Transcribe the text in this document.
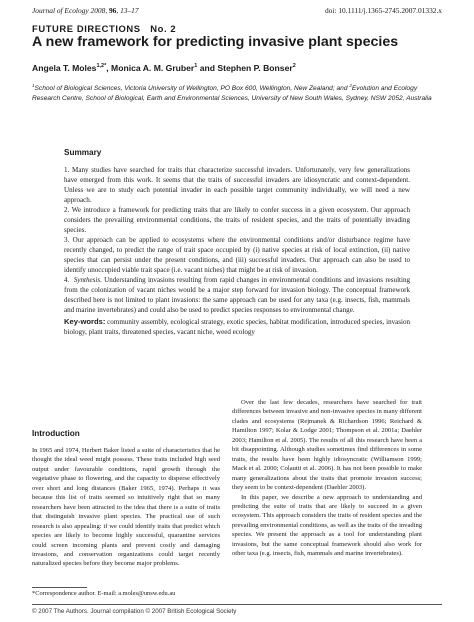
Journal of Ecology 2008, 96, 13–17	doi: 10.1111/j.1365-2745.2007.01332.x
FUTURE DIRECTIONS   No. 2
A new framework for predicting invasive plant species
Angela T. Moles$^{1,2*}$, Monica A. M. Gruber$^1$ and Stephen P. Bonser$^2$
$^1$School of Biological Sciences, Victoria University of Wellington, PO Box 600, Wellington, New Zealand; and $^2$Evolution and Ecology Research Centre, School of Biological, Earth and Environmental Sciences, University of New South Wales, Sydney, NSW 2052, Australia
Summary

1. Many studies have searched for traits that characterize successful invaders. Unfortunately, very few generalizations have emerged from this work. It seems that the traits of successful invaders are idiosyncratic and context-dependent. Unless we are to study each potential invader in each possible target community individually, we will need a new approach.

2. We introduce a framework for predicting traits that are likely to confer success in a given ecosystem. Our approach considers the prevailing environmental conditions, the traits of resident species, and the traits of potentially invading species.

3. Our approach can be applied to ecosystems where the environmental conditions and/or disturbance regime have recently changed, to predict the range of trait space occupied by (i) native species at risk of local extinction, (ii) native species that can persist under the present conditions, and (iii) successful invaders. Our approach can also be used to identify unoccupied viable trait space (i.e. vacant niches) that might be at risk of invasion.

4.  Synthesis. Understanding invasions resulting from rapid changes in environmental conditions and invasions resulting from the colonization of vacant niches would be a major step forward for invasion biology. The conceptual framework described here is not limited to plant invasions: the same approach can be used for any taxa (e.g. insects, fish, mammals and marine invertebrates) and could also be used to predict species responses to environmental change.

Key-words: community assembly, ecological strategy, exotic species, habitat modification, introduced species, invasion biology, plant traits, threatened species, vacant niche, weed ecology
Introduction

In 1965 and 1974, Herbert Baker listed a suite of characteristics that he thought the ideal weed might possess. These traits included high seed output under favourable conditions, rapid growth through the vegetative phase to flowering, and the capacity to disperse effectively over short and long distances (Baker 1965, 1974). Perhaps it was because this list of traits seemed so intuitively right that so many researchers have been attracted to the idea that there is a suite of traits that distinguish invasive plant species. The practical use of such research is also appealing: if we could identify traits that predict which species are likely to become highly successful, quarantine services could screen incoming plants and prevent costly and damaging invasions, and conservation organizations could target recently naturalized species before they become major problems.

Over the last few decades, researchers have searched for trait differences between invasive and non-invasive species in many different clades and ecosystems (Rejmanek & Richardson 1996; Reichard & Hamilton 1997; Kolar & Lodge 2001; Thompson et al. 2001a; Daehler 2003; Hamilton et al. 2005). The results of all this research have been a bit disappointing. Although studies sometimes find differences in some traits, the results have been highly idiosyncratic (Williamson 1999; Mack et al. 2000; Colautti et al. 2006). It has not been possible to make many generalizations about the traits that promote invasion success; they seem to be context-dependent (Daehler 2003).

In this paper, we describe a new approach to understanding and predicting the suite of traits that are likely to succeed in a given ecosystem. This approach considers the traits of resident species and the prevailing environmental conditions, as well as the traits of the invading species. We present the approach as a tool for understanding plant invasions, but the same conceptual framework should also work for other taxa (e.g. insects, fish, mammals and marine invertebrates).

*Correspondence author. E-mail: a.moles@unsw.edu.au
© 2007 The Authors. Journal compilation © 2007 British Ecological Society
